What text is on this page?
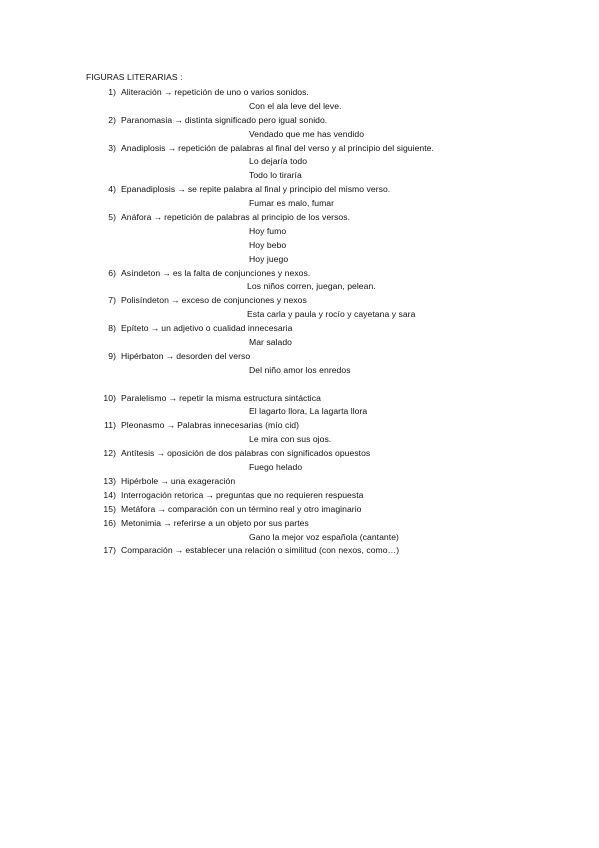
FIGURAS LITERARIAS :
1) Aliteración → repetición de uno o varios sonidos.
Con el ala leve del leve.
2) Paranomasia → distinta significado pero igual sonido.
Vendado que me has vendido
3) Anadiplosis → repetición de palabras al final del verso y al principio del siguiente.
Lo dejaría todo
Todo lo tiraría
4) Epanadiplosis → se repite palabra al final y principio del mismo verso.
Fumar es malo, fumar
5) Anáfora → repetición de palabras al principio de los versos.
Hoy fumo
Hoy bebo
Hoy juego
6) Asíndeton → es la falta de conjunciones y nexos.
Los niños corren, juegan, pelean.
7) Polisíndeton → exceso de conjunciones y nexos
Esta carla y paula y rocío y cayetana y sara
8) Epíteto → un adjetivo o cualidad innecesaria
Mar salado
9) Hipérbaton → desorden del verso
Del niño amor los enredos
10) Paralelismo → repetir la misma estructura sintáctica
El lagarto llora, La lagarta llora
11) Pleonasmo → Palabras innecesarias (mío cid)
Le mira con sus ojos.
12) Antítesis → oposición de dos palabras con significados opuestos
Fuego helado
13) Hipérbole → una exageración
14) Interrogación retorica → preguntas que no requieren respuesta
15) Metáfora → comparación con un término real y otro imaginario
16) Metonimia → referirse a un objeto por sus partes
Gano la mejor voz española (cantante)
17) Comparación → establecer una relación o similitud (con nexos, como…)
